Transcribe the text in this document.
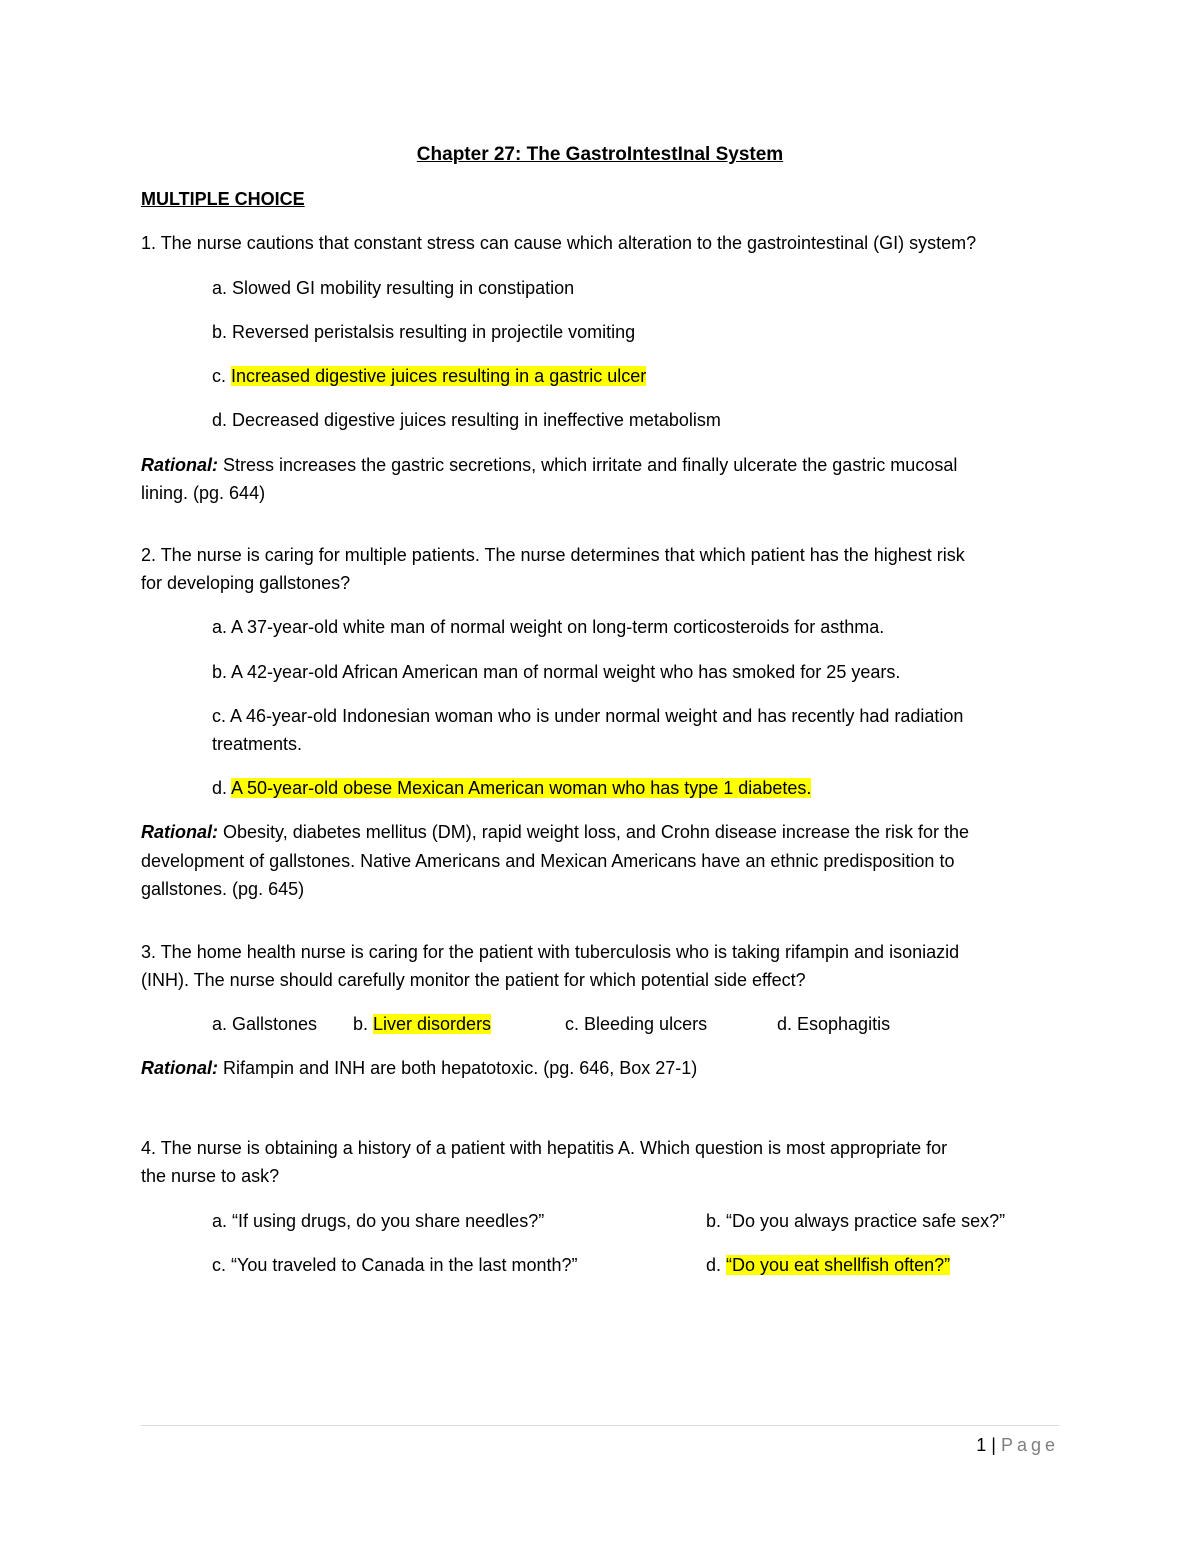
Chapter 27: The GastroIntestInal System
MULTIPLE CHOICE
1. The nurse cautions that constant stress can cause which alteration to the gastrointestinal (GI) system?
a. Slowed GI mobility resulting in constipation
b. Reversed peristalsis resulting in projectile vomiting
c. Increased digestive juices resulting in a gastric ulcer
d. Decreased digestive juices resulting in ineffective metabolism
Rational: Stress increases the gastric secretions, which irritate and finally ulcerate the gastric mucosal
lining. (pg. 644)
2. The nurse is caring for multiple patients. The nurse determines that which patient has the highest risk
for developing gallstones?
a. A 37-year-old white man of normal weight on long-term corticosteroids for asthma.
b. A 42-year-old African American man of normal weight who has smoked for 25 years.
c. A 46-year-old Indonesian woman who is under normal weight and has recently had radiation
treatments.
d. A 50-year-old obese Mexican American woman who has type 1 diabetes.
Rational: Obesity, diabetes mellitus (DM), rapid weight loss, and Crohn disease increase the risk for the
development of gallstones. Native Americans and Mexican Americans have an ethnic predisposition to
gallstones. (pg. 645)
3. The home health nurse is caring for the patient with tuberculosis who is taking rifampin and isoniazid
(INH). The nurse should carefully monitor the patient for which potential side effect?
a. Gallstones b. Liver disorders	c. Bleeding ulcers	d. Esophagitis
Rational: Rifampin and INH are both hepatotoxic. (pg. 646, Box 27-1)
4. The nurse is obtaining a history of a patient with hepatitis A. Which question is most appropriate for
the nurse to ask?
a. “If using drugs, do you share needles?”	b. “Do you always practice safe sex?”
c. “You traveled to Canada in the last month?”	d. “Do you eat shellfish often?”
1 | Page
